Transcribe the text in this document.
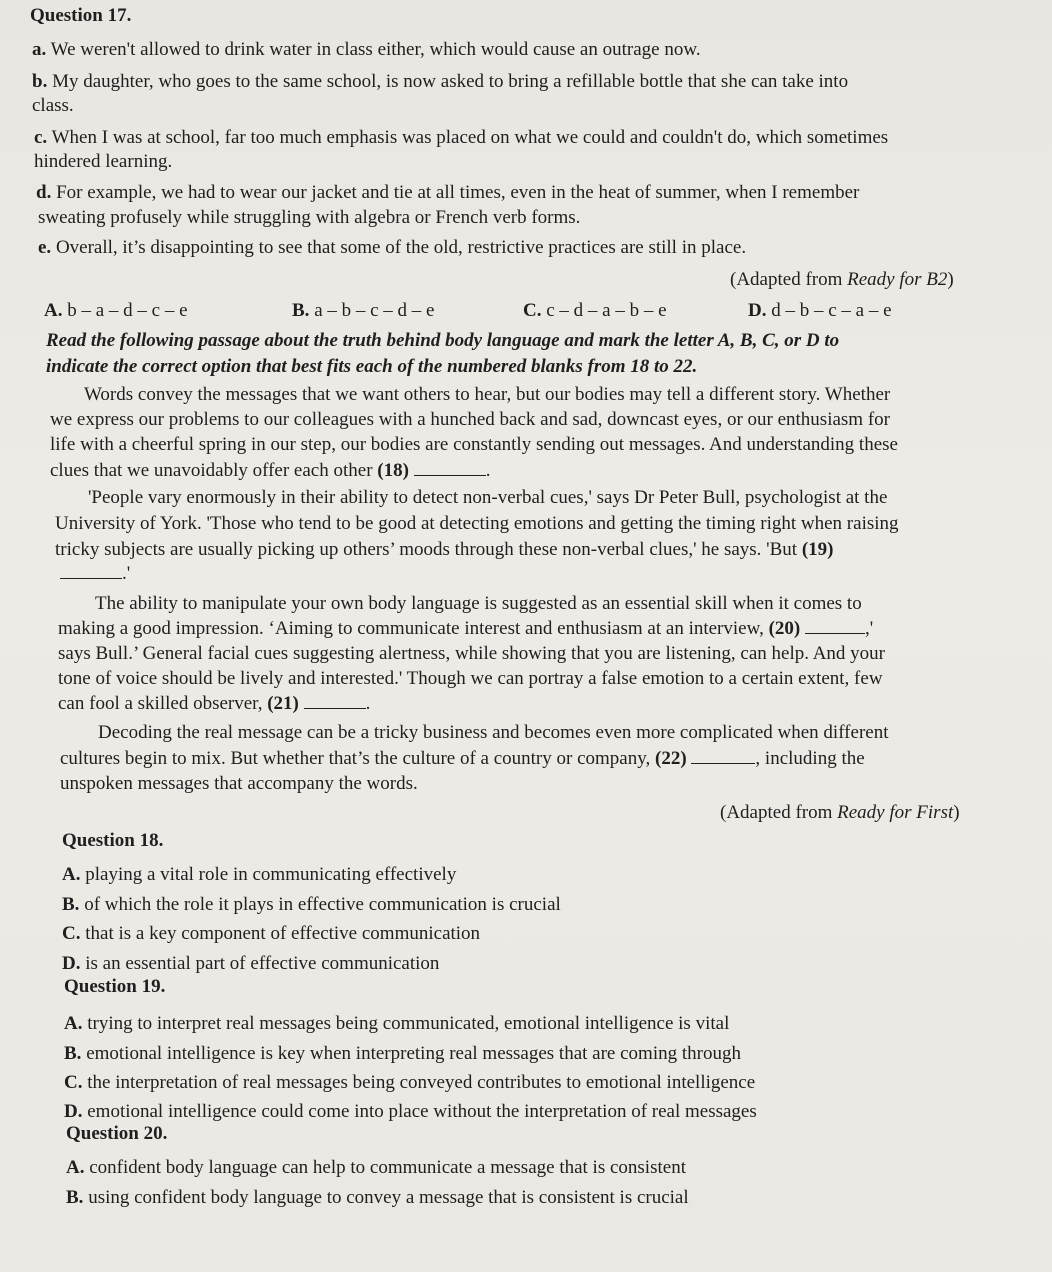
Question 17.
a. We weren't allowed to drink water in class either, which would cause an outrage now.
b. My daughter, who goes to the same school, is now asked to bring a refillable bottle that she can take into
class.
c. When I was at school, far too much emphasis was placed on what we could and couldn't do, which sometimes
hindered learning.
d. For example, we had to wear our jacket and tie at all times, even in the heat of summer, when I remember
sweating profusely while struggling with algebra or French verb forms.
e. Overall, it’s disappointing to see that some of the old, restrictive practices are still in place.
(Adapted from Ready for B2)
A. b – a – d – c – e	B. a – b – c – d – e	C. c – d – a – b – e	D. d – b – c – a – e
Read the following passage about the truth behind body language and mark the letter A, B, C, or D to
indicate the correct option that best fits each of the numbered blanks from 18 to 22.
Words convey the messages that we want others to hear, but our bodies may tell a different story. Whether
we express our problems to our colleagues with a hunched back and sad, downcast eyes, or our enthusiasm for
life with a cheerful spring in our step, our bodies are constantly sending out messages. And understanding these
clues that we unavoidably offer each other (18)	.
'People vary enormously in their ability to detect non-verbal cues,' says Dr Peter Bull, psychologist at the
University of York. 'Those who tend to be good at detecting emotions and getting the timing right when raising
tricky subjects are usually picking up others’ moods through these non-verbal clues,' he says. 'But (19)
.'
The ability to manipulate your own body language is suggested as an essential skill when it comes to
making a good impression. ‘Aiming to communicate interest and enthusiasm at an interview, (20)	,'
says Bull.’ General facial cues suggesting alertness, while showing that you are listening, can help. And your
tone of voice should be lively and interested.' Though we can portray a false emotion to a certain extent, few
can fool a skilled observer, (21)	.
Decoding the real message can be a tricky business and becomes even more complicated when different
cultures begin to mix. But whether that’s the culture of a country or company, (22)	, including the
unspoken messages that accompany the words.
(Adapted from Ready for First)
Question 18.
A. playing a vital role in communicating effectively
B. of which the role it plays in effective communication is crucial
C. that is a key component of effective communication
D. is an essential part of effective communication
Question 19.
A. trying to interpret real messages being communicated, emotional intelligence is vital
B. emotional intelligence is key when interpreting real messages that are coming through
C. the interpretation of real messages being conveyed contributes to emotional intelligence
D. emotional intelligence could come into place without the interpretation of real messages
Question 20.
A. confident body language can help to communicate a message that is consistent
B. using confident body language to convey a message that is consistent is crucial
